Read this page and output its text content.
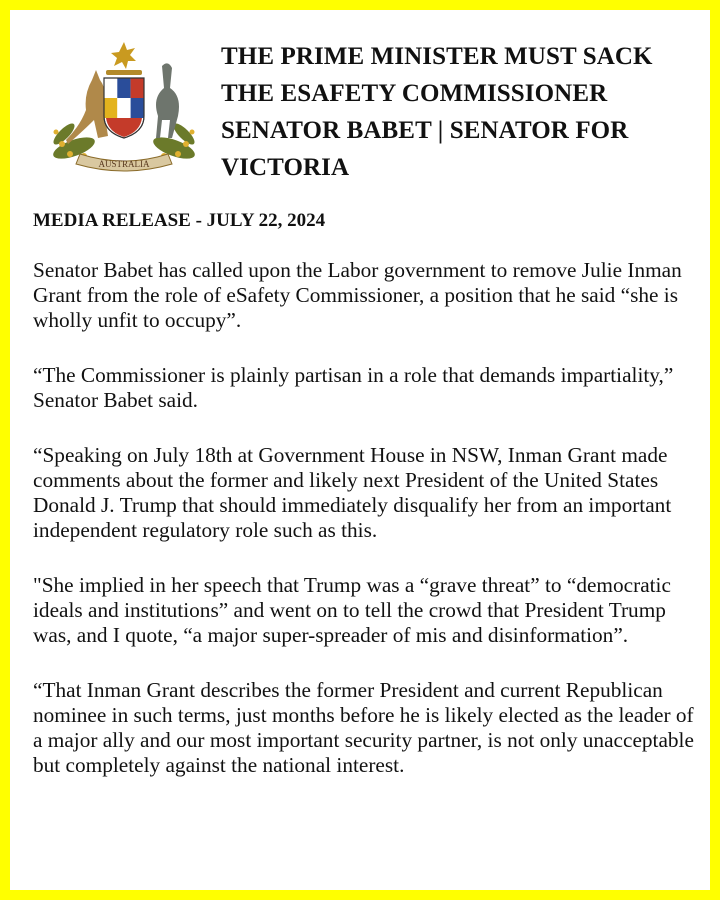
AUSTRALIA
THE PRIME MINISTER MUST SACK THE ESAFETY COMMISSIONER SENATOR BABET | SENATOR FOR VICTORIA

MEDIA RELEASE - JULY 22, 2024

Senator Babet has called upon the Labor government to remove Julie Inman Grant from the role of eSafety Commissioner, a position that he said “she is wholly unfit to occupy”.

“The Commissioner is plainly partisan in a role that demands impartiality,” Senator Babet said.

“Speaking on July 18th at Government House in NSW, Inman Grant made comments about the former and likely next President of the United States Donald J. Trump that should immediately disqualify her from an important independent regulatory role such as this.

"She implied in her speech that Trump was a “grave threat” to “democratic ideals and institutions” and went on to tell the crowd that President Trump was, and I quote, “a major super-spreader of mis and disinformation”.

“That Inman Grant describes the former President and current Republican nominee in such terms, just months before he is likely elected as the leader of a major ally and our most important security partner, is not only unacceptable but completely against the national interest.
